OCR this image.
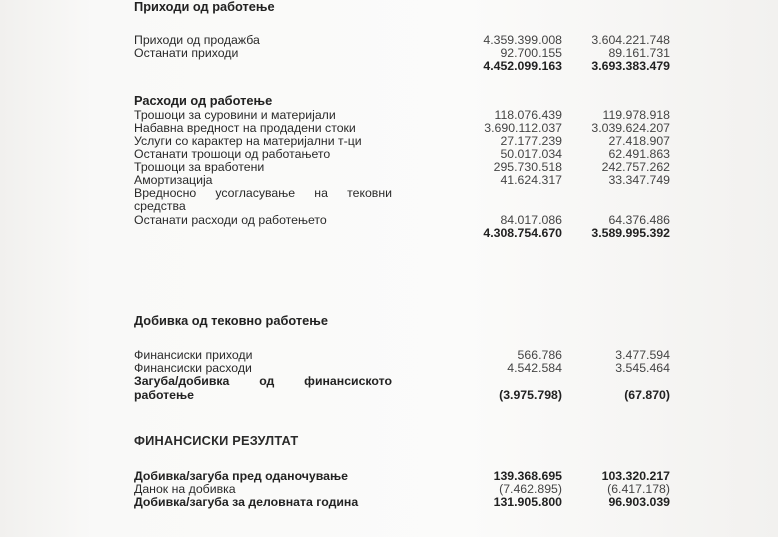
Приходи од работење
Приходи од продажба	4.359.399.008 3.604.221.748
Останати приходи	92.700.155	89.161.731
4.452.099.163 3.693.383.479
Расходи од работење
Трошоци за суровини и материјали	118.076.439	119.978.918
Набавна вредност на продадени стоки	3.690.112.037 3.039.624.207
Услуги со карактер на материјални т-ци	27.177.239	27.418.907
Останати трошоци од работањето	50.017.034	62.491.863
Трошоци за вработени	295.730.518	242.757.262
Амортизација	41.624.317	33.347.749
Вредносно усогласување на тековни
средства
Останати расходи од работењето	84.017.086	64.376.486
4.308.754.670 3.589.995.392
Добивка од тековно работење
Финансиски приходи	566.786	3.477.594
Финансиски расходи	4.542.584	3.545.464
Загуба/добивка од финансиското
работење	(3.975.798)	(67.870)
ФИНАНСИСКИ РЕЗУЛТАТ
Добивка/загуба пред оданочување	139.368.695	103.320.217
Данок на добивка	(7.462.895)	(6.417.178)
Добивка/загуба за деловната година	131.905.800	96.903.039
